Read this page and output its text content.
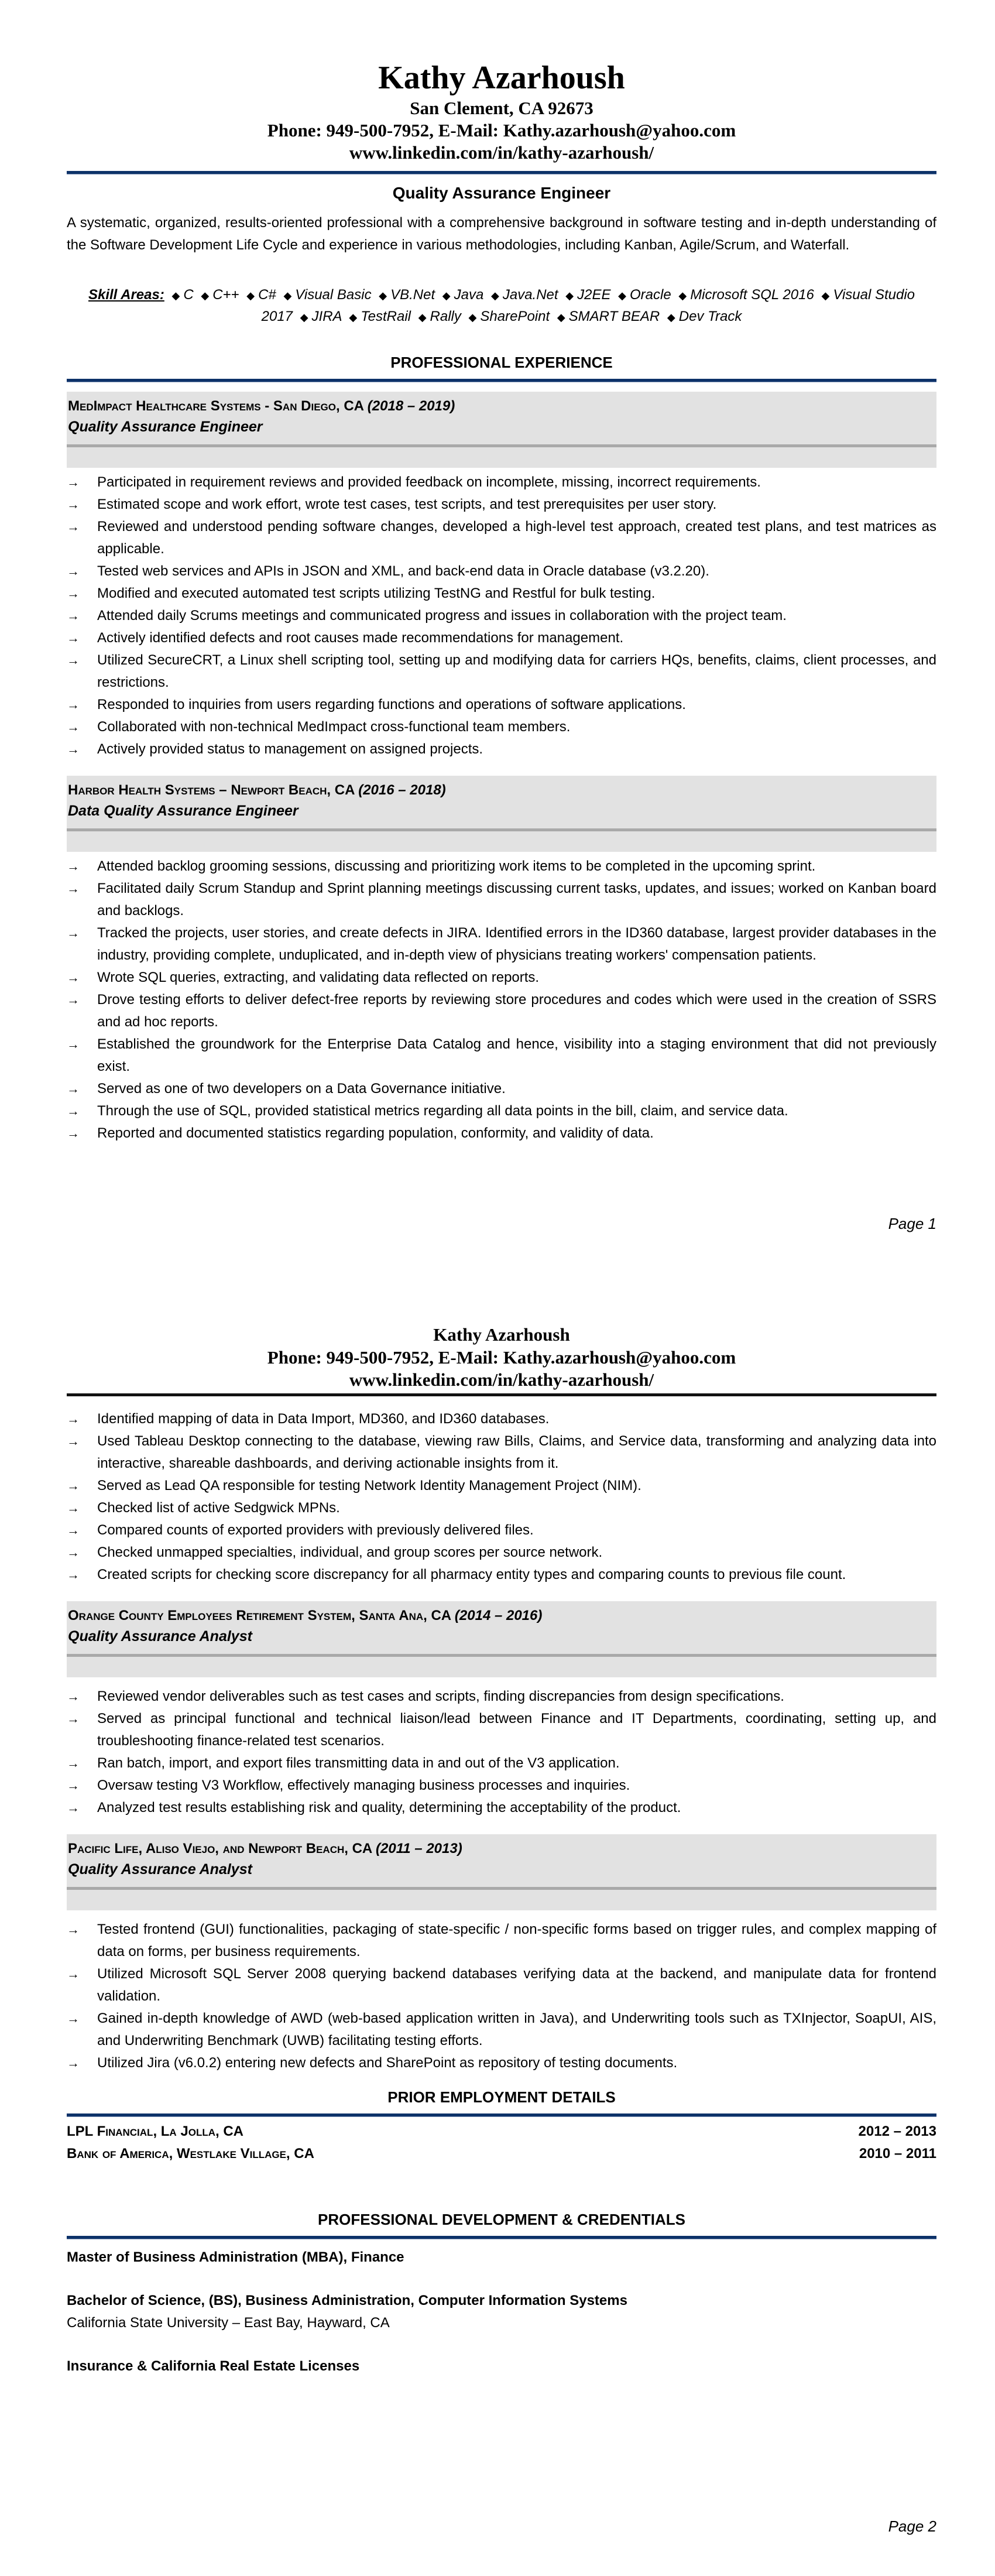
Kathy Azarhoush
San Clement, CA 92673
Phone: 949-500-7952, E-Mail: Kathy.azarhoush@yahoo.com
www.linkedin.com/in/kathy-azarhoush/
Quality Assurance Engineer

A systematic, organized, results-oriented professional with a comprehensive background in software testing and in-depth understanding of the Software Development Life Cycle and experience in various methodologies, including Kanban, Agile/Scrum, and Waterfall.

Skill Areas: ◆ C ◆ C++ ◆ C# ◆ Visual Basic ◆ VB.Net ◆ Java ◆ Java.Net ◆ J2EE ◆ Oracle ◆ Microsoft SQL 2016 ◆ Visual Studio 2017 ◆ JIRA ◆ TestRail ◆ Rally ◆ SharePoint ◆ SMART BEAR ◆ Dev Track
PROFESSIONAL EXPERIENCE
MedImpact Healthcare Systems - San Diego, CA (2018 – 2019)
Quality Assurance Engineer
→	Participated in requirement reviews and provided feedback on incomplete, missing, incorrect requirements.
→	Estimated scope and work effort, wrote test cases, test scripts, and test prerequisites per user story.
→	Reviewed and understood pending software changes, developed a high-level test approach, created test plans, and test matrices as applicable.
→	Tested web services and APIs in JSON and XML, and back-end data in Oracle database (v3.2.20).
→	Modified and executed automated test scripts utilizing TestNG and Restful for bulk testing.
→	Attended daily Scrums meetings and communicated progress and issues in collaboration with the project team.
→	Actively identified defects and root causes made recommendations for management.
→	Utilized SecureCRT, a Linux shell scripting tool, setting up and modifying data for carriers HQs, benefits, claims, client processes, and restrictions.
→	Responded to inquiries from users regarding functions and operations of software applications.
→	Collaborated with non-technical MedImpact cross-functional team members.
→	Actively provided status to management on assigned projects.
Harbor Health Systems – Newport Beach, CA (2016 – 2018)
Data Quality Assurance Engineer
→	Attended backlog grooming sessions, discussing and prioritizing work items to be completed in the upcoming sprint.
→	Facilitated daily Scrum Standup and Sprint planning meetings discussing current tasks, updates, and issues; worked on Kanban board and backlogs.
→	Tracked the projects, user stories, and create defects in JIRA. Identified errors in the ID360 database, largest provider databases in the industry, providing complete, unduplicated, and in-depth view of physicians treating workers' compensation patients.
→	Wrote SQL queries, extracting, and validating data reflected on reports.
→	Drove testing efforts to deliver defect-free reports by reviewing store procedures and codes which were used in the creation of SSRS and ad hoc reports.
→	Established the groundwork for the Enterprise Data Catalog and hence, visibility into a staging environment that did not previously exist.
→	Served as one of two developers on a Data Governance initiative.
→	Through the use of SQL, provided statistical metrics regarding all data points in the bill, claim, and service data.
→	Reported and documented statistics regarding population, conformity, and validity of data.
Page 1
Kathy Azarhoush
Phone: 949-500-7952, E-Mail: Kathy.azarhoush@yahoo.com
www.linkedin.com/in/kathy-azarhoush/
→	Identified mapping of data in Data Import, MD360, and ID360 databases.
→	Used Tableau Desktop connecting to the database, viewing raw Bills, Claims, and Service data, transforming and analyzing data into interactive, shareable dashboards, and deriving actionable insights from it.
→	Served as Lead QA responsible for testing Network Identity Management Project (NIM).
→	Checked list of active Sedgwick MPNs.
→	Compared counts of exported providers with previously delivered files.
→	Checked unmapped specialties, individual, and group scores per source network.
→	Created scripts for checking score discrepancy for all pharmacy entity types and comparing counts to previous file count.
Orange County Employees Retirement System, Santa Ana, CA (2014 – 2016)
Quality Assurance Analyst
→	Reviewed vendor deliverables such as test cases and scripts, finding discrepancies from design specifications.
→	Served as principal functional and technical liaison/lead between Finance and IT Departments, coordinating, setting up, and troubleshooting finance-related test scenarios.
→	Ran batch, import, and export files transmitting data in and out of the V3 application.
→	Oversaw testing V3 Workflow, effectively managing business processes and inquiries.
→	Analyzed test results establishing risk and quality, determining the acceptability of the product.
Pacific Life, Aliso Viejo, and Newport Beach, CA (2011 – 2013)
Quality Assurance Analyst
→	Tested frontend (GUI) functionalities, packaging of state-specific / non-specific forms based on trigger rules, and complex mapping of data on forms, per business requirements.
→	Utilized Microsoft SQL Server 2008 querying backend databases verifying data at the backend, and manipulate data for frontend validation.
→	Gained in-depth knowledge of AWD (web-based application written in Java), and Underwriting tools such as TXInjector, SoapUI, AIS, and Underwriting Benchmark (UWB) facilitating testing efforts.
→	Utilized Jira (v6.0.2) entering new defects and SharePoint as repository of testing documents.
PRIOR EMPLOYMENT DETAILS
LPL Financial, La Jolla, CA	2012 – 2013
Bank of America, Westlake Village, CA	2010 – 2011
PROFESSIONAL DEVELOPMENT & CREDENTIALS
Master of Business Administration (MBA), Finance
Bachelor of Science, (BS), Business Administration, Computer Information Systems
California State University – East Bay, Hayward, CA
Insurance & California Real Estate Licenses
Page 2
